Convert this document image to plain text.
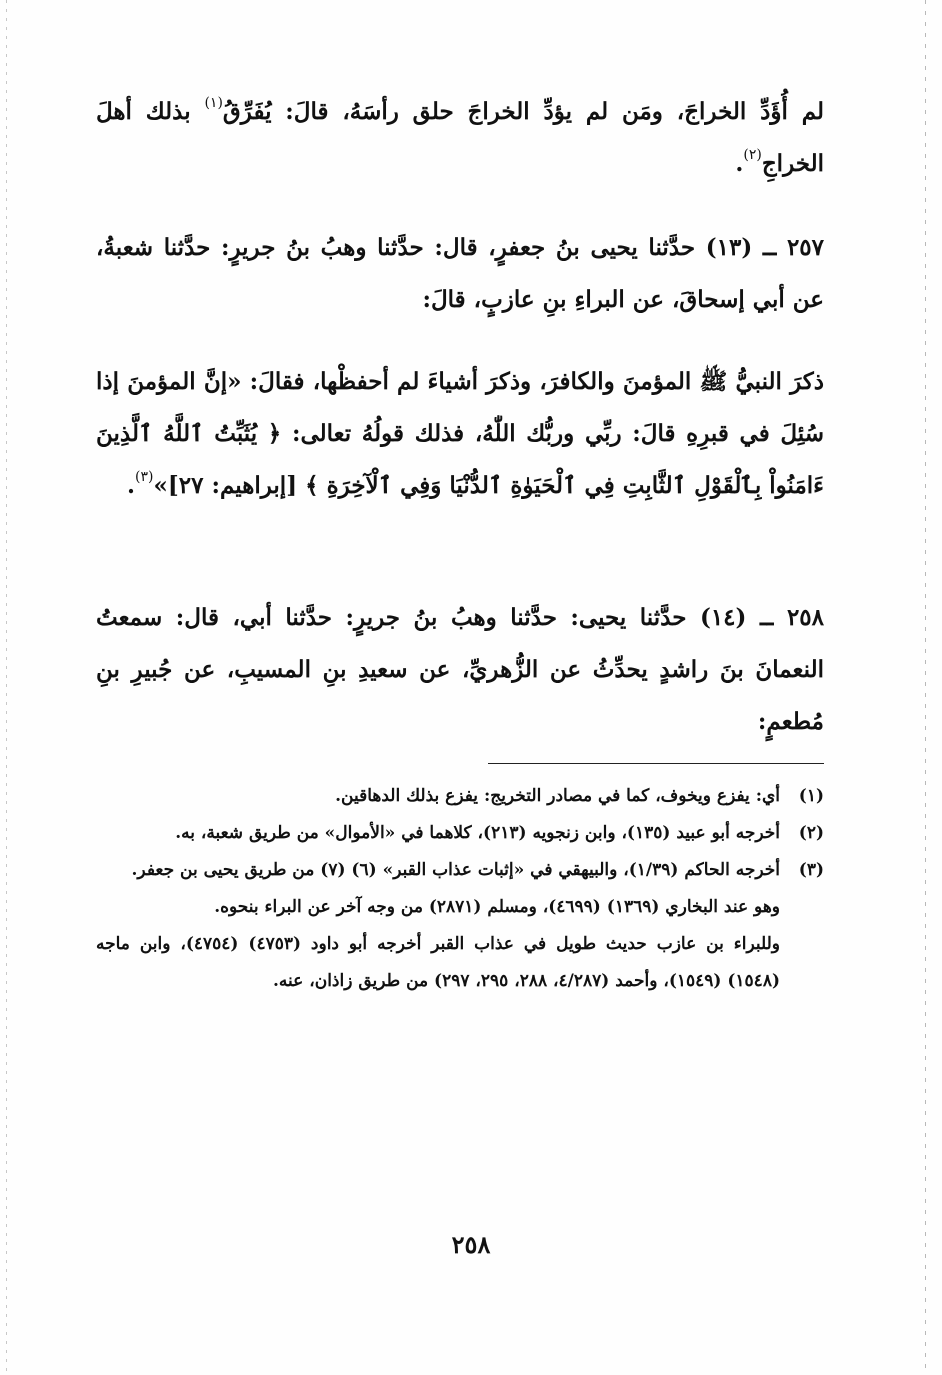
لم أُؤَدِّ الخراجَ، ومَن لم يؤدِّ الخراجَ حلق رأسَهُ، قالَ: يُفَرِّقُ$^{(١)}$ بذلك أهلَ الخراجِ$^{(٢)}$.
٢٥٧ ــ (١٣) حدَّثنا يحيى بنُ جعفرٍ، قال: حدَّثنا وهبُ بنُ جريرٍ: حدَّثنا شعبةُ، عن أبي إسحاقَ، عن البراءِ بنِ عازبٍ، قالَ:
ذكرَ النبيُّ ﷺ المؤمنَ والكافرَ، وذكرَ أشياءَ لم أحفظْها، فقالَ: «إنَّ المؤمنَ إذا سُئِلَ في قبرِهِ قالَ: ربِّي وربُّك اللّٰهُ، فذلك قولُهُ تعالى: ﴿ يُثَبِّتُ ٱللَّهُ ٱلَّذِينَ ءَامَنُواْ بِٱلْقَوْلِ ٱلثَّابِتِ فِي ٱلْحَيَوٰةِ ٱلدُّنْيَا وَفِي ٱلْآخِرَةِ ﴾ [إبراهيم: ٢٧]»$^{(٣)}$.
٢٥٨ ــ (١٤) حدَّثنا يحيى: حدَّثنا وهبُ بنُ جريرٍ: حدَّثنا أبي، قال: سمعتُ النعمانَ بنَ راشدٍ يحدِّثُ عن الزُّهريِّ، عن سعيدِ بنِ المسيبِ، عن جُبيرِ بنِ مُطعمٍ:
(١)
أي: يفزع ويخوف، كما في مصادر التخريج: يفزع بذلك الدهاقين.
(٢)
أخرجه أبو عبيد (١٣٥)، وابن زنجويه (٢١٣)، كلاهما في «الأموال» من طريق شعبة، به.
(٣)
أخرجه الحاكم (١/٣٩)، والبيهقي في «إثبات عذاب القبر» (٦) (٧) من طريق يحيى بن جعفر.
وهو عند البخاري (١٣٦٩) (٤٦٩٩)، ومسلم (٢٨٧١) من وجه آخر عن البراء بنحوه.
وللبراء بن عازب حديث طويل في عذاب القبر أخرجه أبو داود (٤٧٥٣) (٤٧٥٤)، وابن ماجه (١٥٤٨) (١٥٤٩)، وأحمد (٤/٢٨٧، ٢٨٨، ٢٩٥، ٢٩٧) من طريق زاذان، عنه.
٢٥٨
